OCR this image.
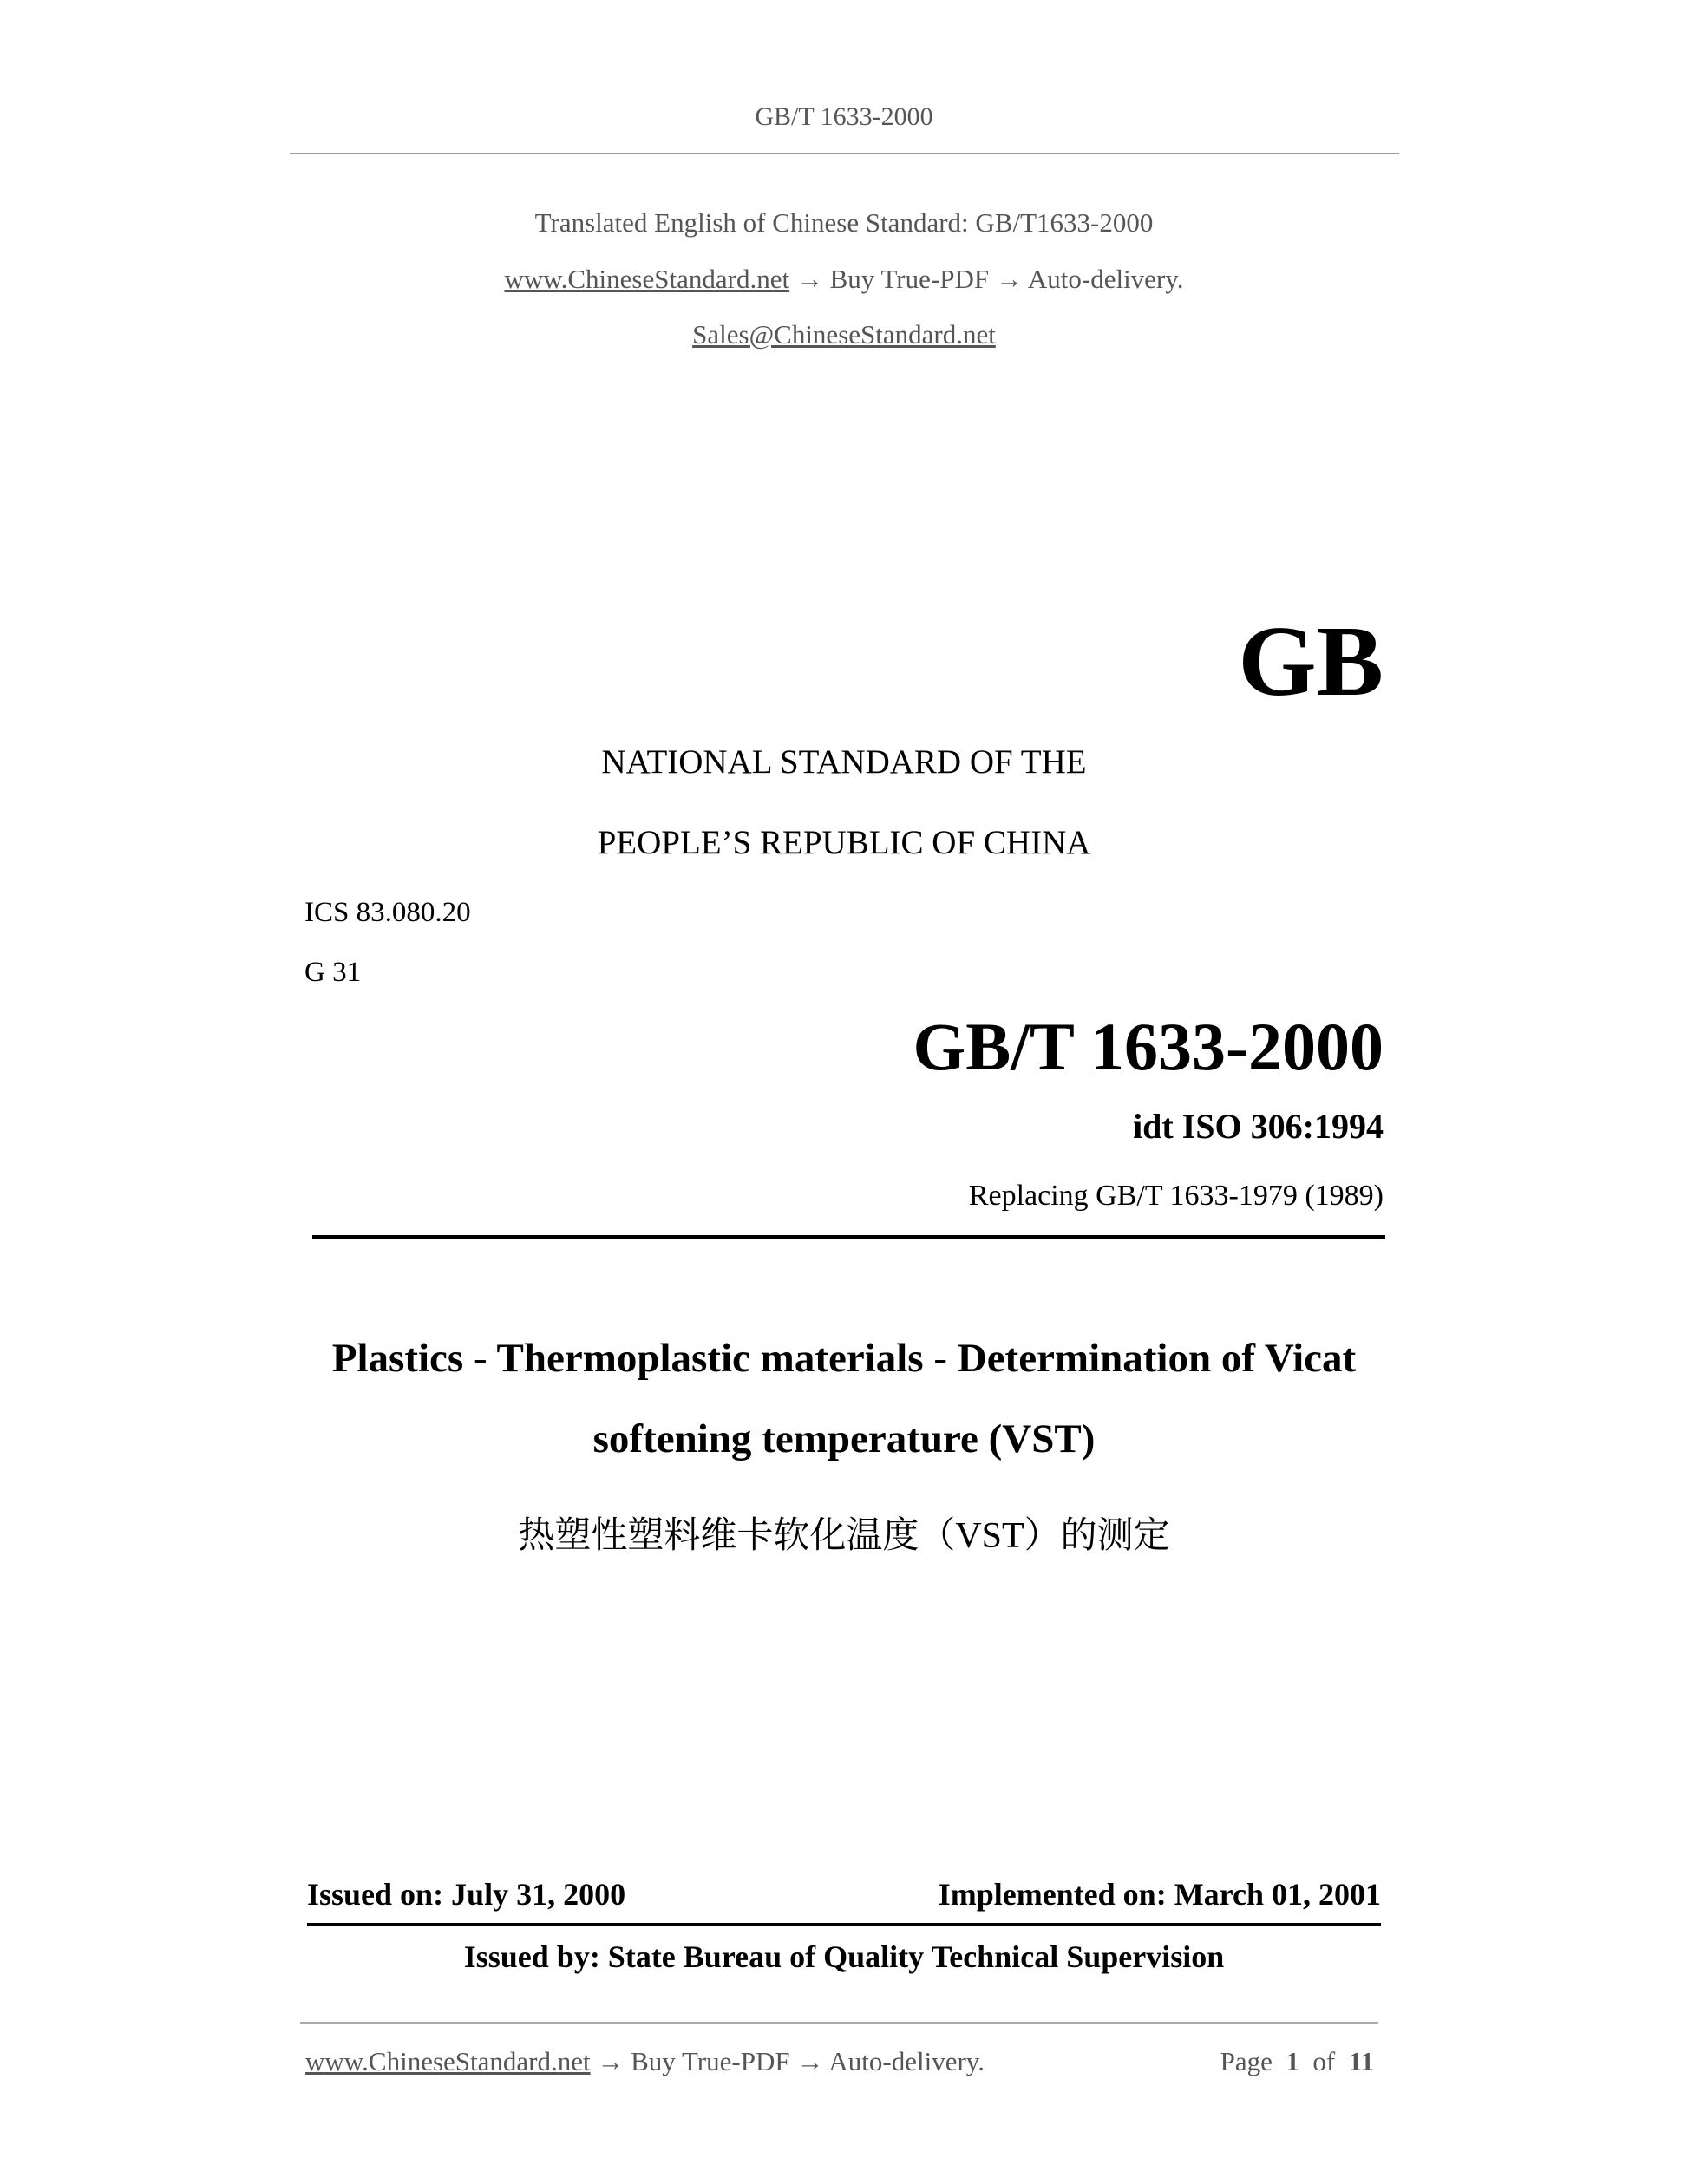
GB/T 1633-2000
Translated English of Chinese Standard: GB/T1633-2000
www.ChineseStandard.net → Buy True-PDF → Auto-delivery.
Sales@ChineseStandard.net
GB
NATIONAL STANDARD OF THE
PEOPLE’S REPUBLIC OF CHINA
ICS 83.080.20
G 31
GB/T 1633-2000
idt ISO 306:1994
Replacing GB/T 1633-1979 (1989)
Plastics - Thermoplastic materials - Determination of Vicat
softening temperature (VST)
热塑性塑料维卡软化温度（VST）的测定
Issued on: July 31, 2000	Implemented on: March 01, 2001
Issued by: State Bureau of Quality Technical Supervision
www.ChineseStandard.net → Buy True-PDF → Auto-delivery.	Page 1 of 11
